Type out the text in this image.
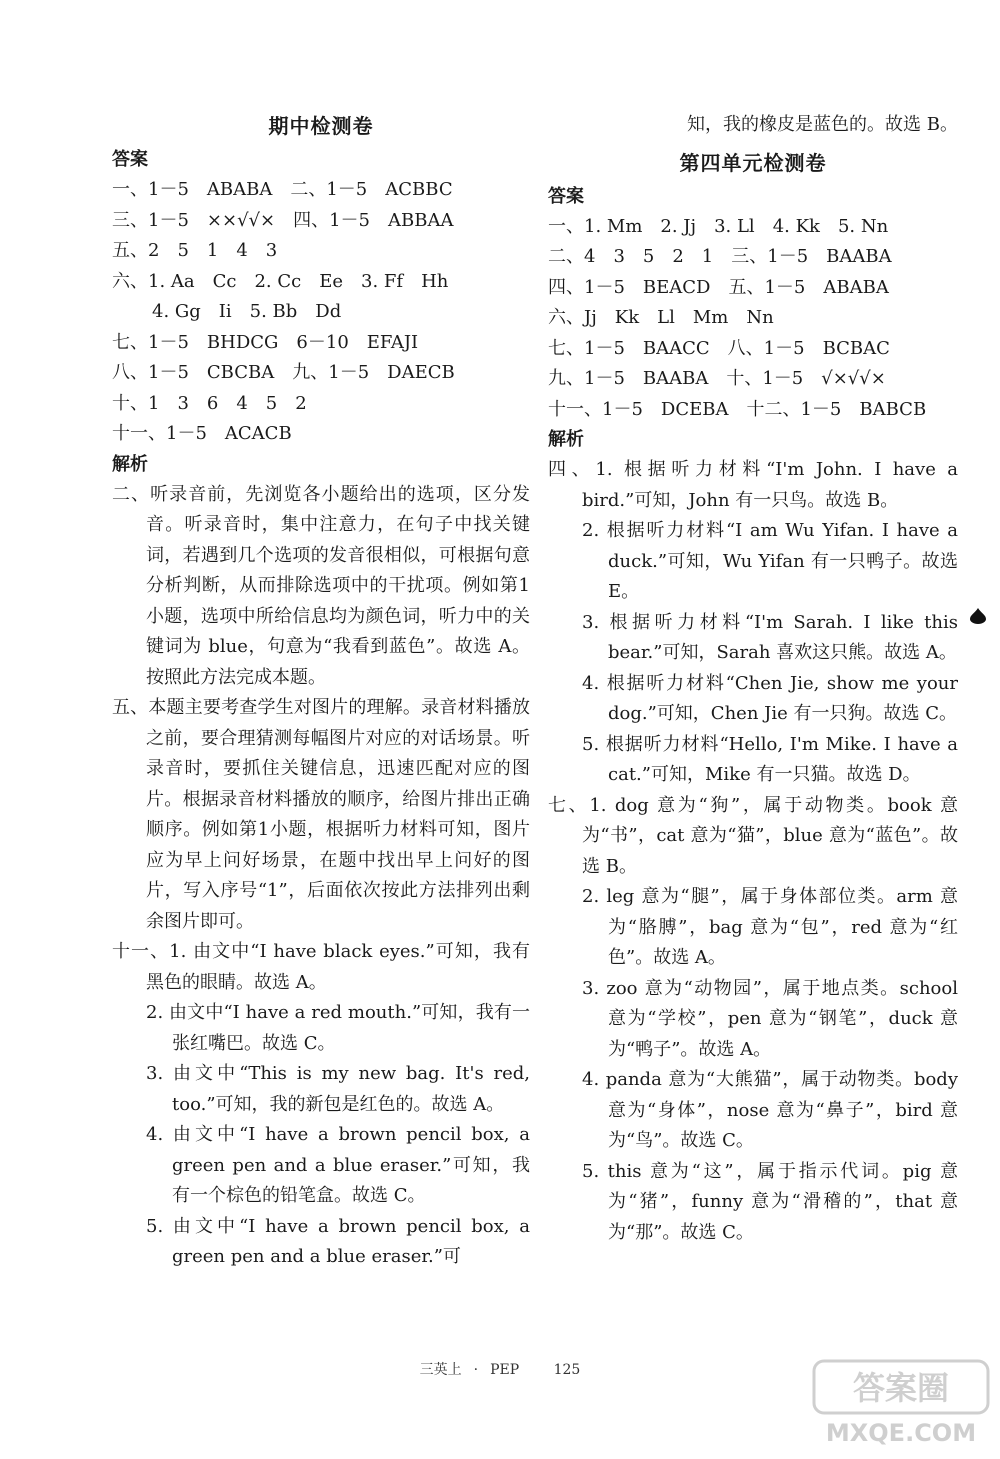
期中检测卷
答案
一、1－5　ABABA　二、1－5　ACBBC
三、1－5　××√√×　四、1－5　ABBAA
五、2　5　1　4　3
六、1. Aa　Cc　2. Cc　Ee　3. Ff　Hh
　4. Gg　Ii　5. Bb　Dd
七、1－5　BHDCG　6－10　EFAJI
八、1－5　CBCBA　九、1－5　DAECB
十、1　3　6　4　5　2
十一、1－5　ACACB
解析

二、听录音前，先浏览各小题给出的选项，区分发音。听录音时，集中注意力，在句子中找关键词，若遇到几个选项的发音很相似，可根据句意分析判断，从而排除选项中的干扰项。例如第1小题，选项中所给信息均为颜色词，听力中的关键词为 blue，句意为“我看到蓝色”。故选 A。按照此方法完成本题。

五、本题主要考查学生对图片的理解。录音材料播放之前，要合理猜测每幅图片对应的对话场景。听录音时，要抓住关键信息，迅速匹配对应的图片。根据录音材料播放的顺序，给图片排出正确顺序。例如第1小题，根据听力材料可知，图片应为早上问好场景，在题中找出早上问好的图片，写入序号“1”，后面依次按此方法排列出剩余图片即可。

十一、1. 由文中“I have black eyes.”可知，我有黑色的眼睛。故选 A。

2. 由文中“I have a red mouth.”可知，我有一张红嘴巴。故选 C。

3. 由文中“This is my new bag. It's red, too.”可知，我的新包是红色的。故选 A。

4. 由文中“I have a brown pencil box, a green pen and a blue eraser.”可知，我有一个棕色的铅笔盒。故选 C。

5. 由文中“I have a brown pencil box, a green pen and a blue eraser.”可

知，我的橡皮是蓝色的。故选 B。

第四单元检测卷
答案
一、1. Mm　2. Jj　3. Ll　4. Kk　5. Nn
二、4　3　5　2　1　三、1－5　BAABA
四、1－5　BEACD　五、1－5　ABABA
六、Jj　Kk　Ll　Mm　Nn
七、1－5　BAACC　八、1－5　BCBAC
九、1－5　BAABA　十、1－5　√×√√×
十一、1－5　DCEBA　十二、1－5　BABCB
解析

四、1. 根据听力材料“I'm John. I have a bird.”可知，John 有一只鸟。故选 B。

2. 根据听力材料“I am Wu Yifan. I have a duck.”可知，Wu Yifan 有一只鸭子。故选 E。

3. 根据听力材料“I'm Sarah. I like this bear.”可知，Sarah 喜欢这只熊。故选 A。

4. 根据听力材料“Chen Jie, show me your dog.”可知，Chen Jie 有一只狗。故选 C。

5. 根据听力材料“Hello, I'm Mike. I have a cat.”可知，Mike 有一只猫。故选 D。

七、1. dog 意为“狗”，属于动物类。book 意为“书”，cat 意为“猫”，blue 意为“蓝色”。故选 B。

2. leg 意为“腿”，属于身体部位类。arm 意为“胳膊”，bag 意为“包”，red 意为“红色”。故选 A。

3. zoo 意为“动物园”，属于地点类。school 意为“学校”，pen 意为“钢笔”，duck 意为“鸭子”。故选 A。

4. panda 意为“大熊猫”，属于动物类。body 意为“身体”，nose 意为“鼻子”，bird 意为“鸟”。故选 C。

5. this 意为“这”，属于指示代词。pig 意为“猪”，funny 意为“滑稽的”，that 意为“那”。故选 C。

三英上 · PEP 125	答案圈
MXQE.COM
